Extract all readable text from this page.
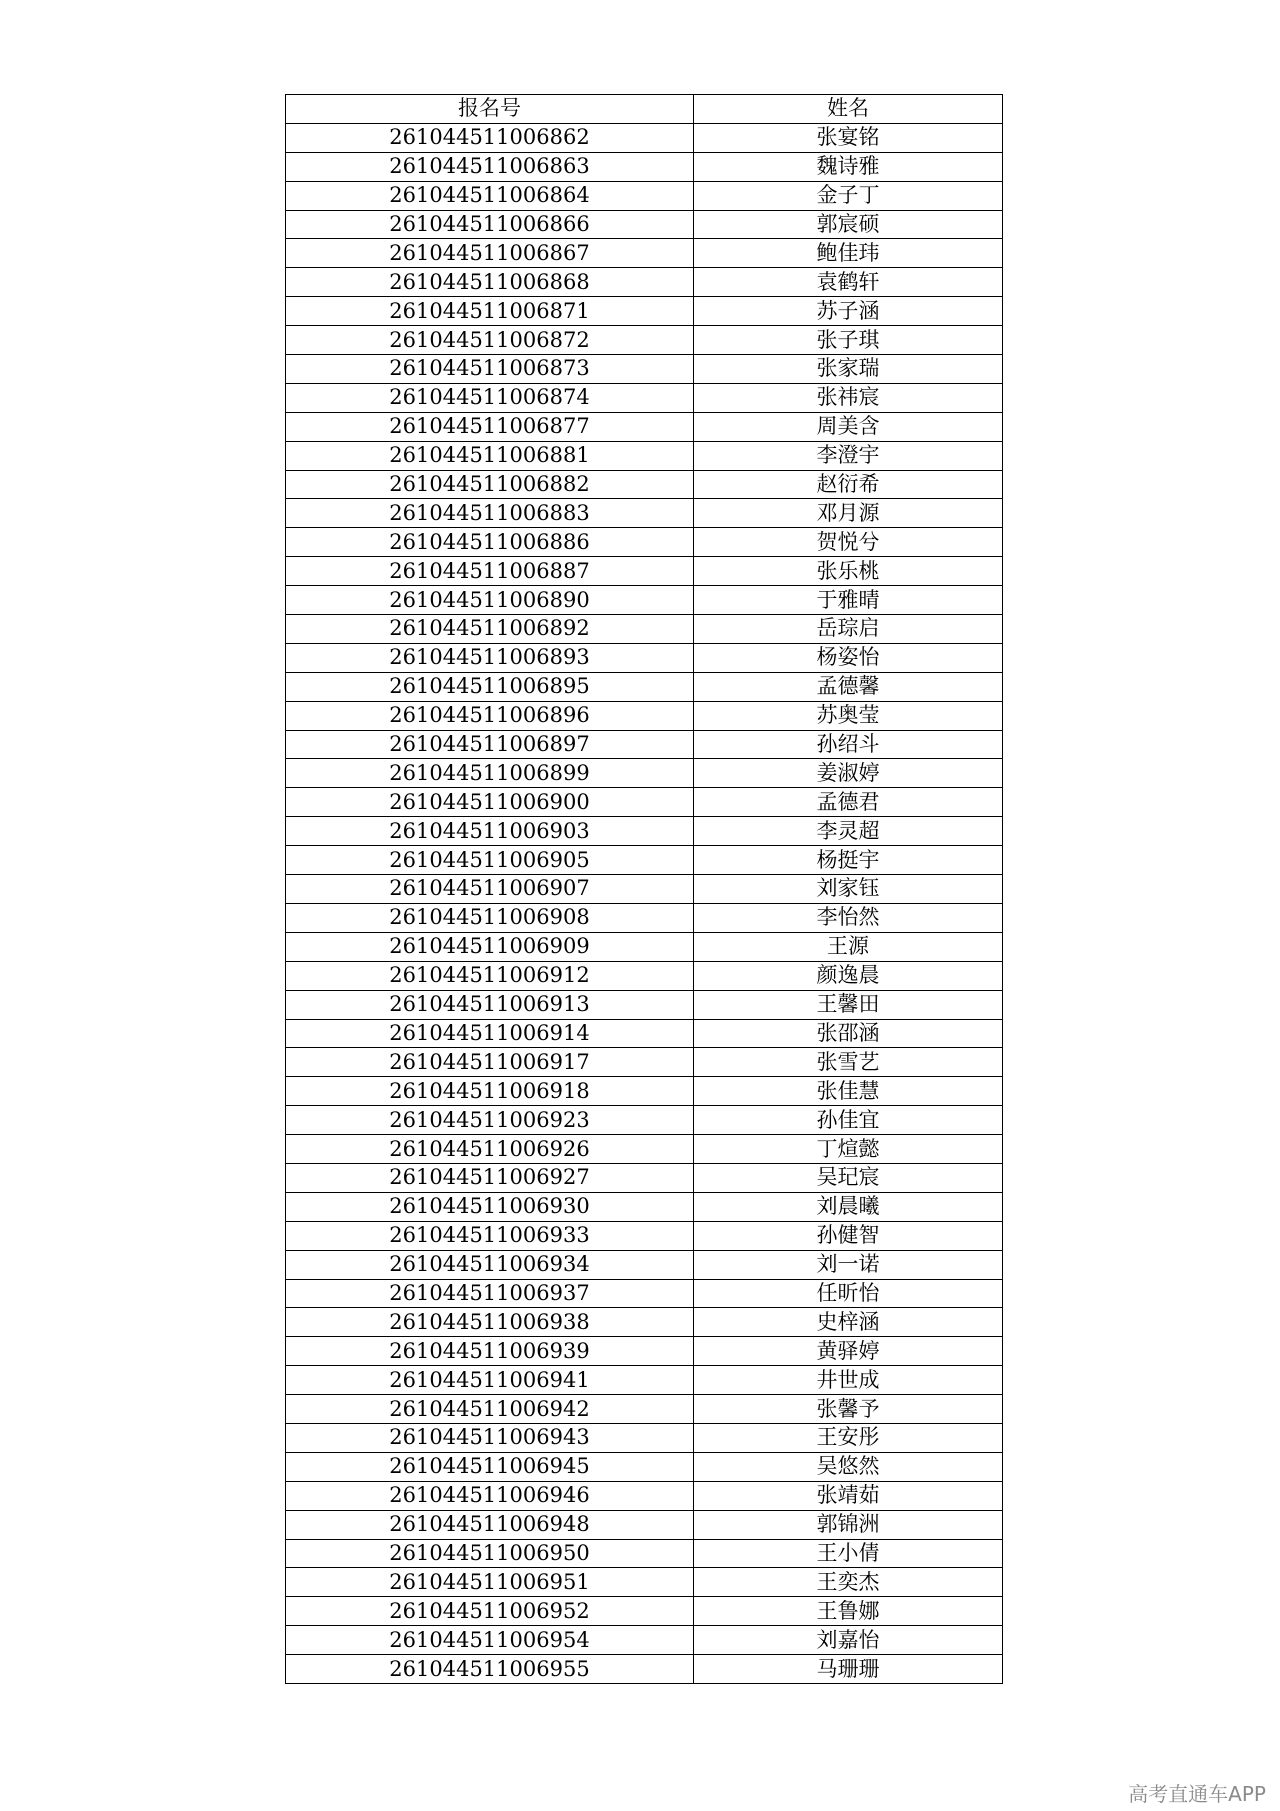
报名号	姓名
261044511006862	张宴铭
261044511006863	魏诗雅
261044511006864	金子丁
261044511006866	郭宸硕
261044511006867	鲍佳玮
261044511006868	袁鹤轩
261044511006871	苏子涵
261044511006872	张子琪
261044511006873	张家瑞
261044511006874	张祎宸
261044511006877	周美含
261044511006881	李澄宇
261044511006882	赵衍希
261044511006883	邓月源
261044511006886	贺悦兮
261044511006887	张乐桃
261044511006890	于雅晴
261044511006892	岳琮启
261044511006893	杨姿怡
261044511006895	孟德馨
261044511006896	苏奥莹
261044511006897	孙绍斗
261044511006899	姜淑婷
261044511006900	孟德君
261044511006903	李灵超
261044511006905	杨挺宇
261044511006907	刘家钰
261044511006908	李怡然
261044511006909	王源
261044511006912	颜逸晨
261044511006913	王馨田
261044511006914	张邵涵
261044511006917	张雪艺
261044511006918	张佳慧
261044511006923	孙佳宜
261044511006926	丁煊懿
261044511006927	吴玘宸
261044511006930	刘晨曦
261044511006933	孙健智
261044511006934	刘一诺
261044511006937	任昕怡
261044511006938	史梓涵
261044511006939	黄驿婷
261044511006941	井世成
261044511006942	张馨予
261044511006943	王安彤
261044511006945	吴悠然
261044511006946	张靖茹
261044511006948	郭锦洲
261044511006950	王小倩
261044511006951	王奕杰
261044511006952	王鲁娜
261044511006954	刘嘉怡
261044511006955	马珊珊
高考直通车APP
